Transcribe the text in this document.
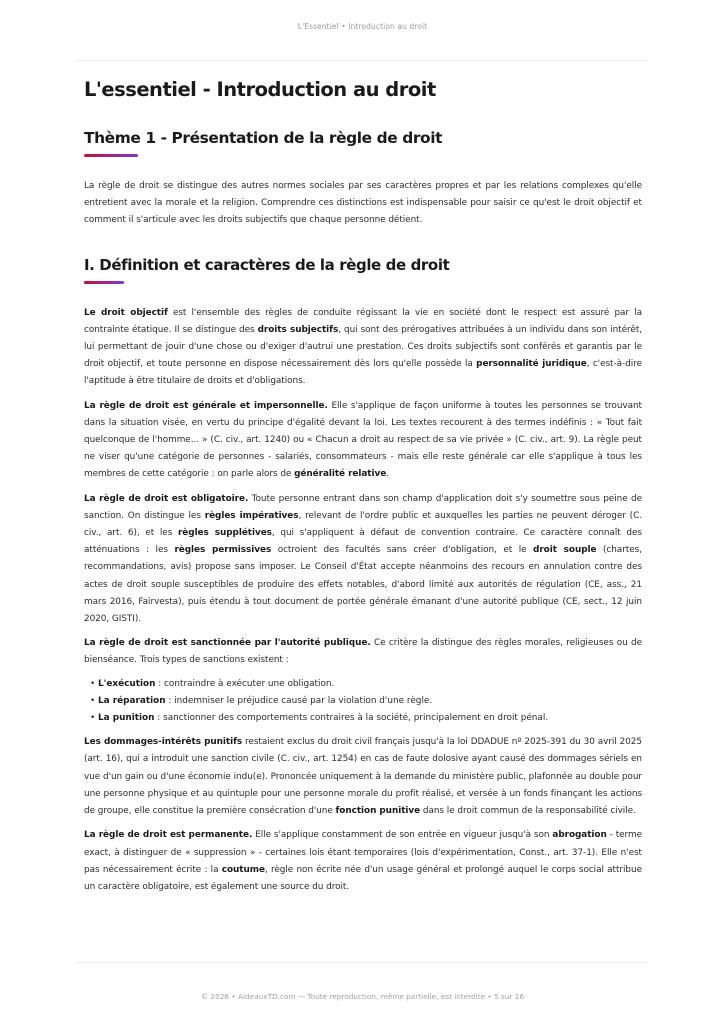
L'Essentiel • Introduction au droit
L'essentiel - Introduction au droit
Thème 1 - Présentation de la règle de droit

La règle de droit se distingue des autres normes sociales par ses caractères propres et par les relations complexes qu'elle entretient avec la morale et la religion. Comprendre ces distinctions est indispensable pour saisir ce qu'est le droit objectif et comment il s'articule avec les droits subjectifs que chaque personne détient.

I. Définition et caractères de la règle de droit

Le droit objectif est l'ensemble des règles de conduite régissant la vie en société dont le respect est assuré par la contrainte étatique. Il se distingue des droits subjectifs, qui sont des prérogatives attribuées à un individu dans son intérêt, lui permettant de jouir d'une chose ou d'exiger d'autrui une prestation. Ces droits subjectifs sont conférés et garantis par le droit objectif, et toute personne en dispose nécessairement dès lors qu'elle possède la personnalité juridique, c'est-à-dire l'aptitude à être titulaire de droits et d'obligations.

La règle de droit est générale et impersonnelle. Elle s'applique de façon uniforme à toutes les personnes se trouvant dans la situation visée, en vertu du principe d'égalité devant la loi. Les textes recourent à des termes indéfinis : « Tout fait quelconque de l'homme... » (C. civ., art. 1240) ou « Chacun a droit au respect de sa vie privée » (C. civ., art. 9). La règle peut ne viser qu'une catégorie de personnes - salariés, consommateurs - mais elle reste générale car elle s'applique à tous les membres de cette catégorie : on parle alors de généralité relative.

La règle de droit est obligatoire. Toute personne entrant dans son champ d'application doit s'y soumettre sous peine de sanction. On distingue les règles impératives, relevant de l'ordre public et auxquelles les parties ne peuvent déroger (C. civ., art. 6), et les règles supplétives, qui s'appliquent à défaut de convention contraire. Ce caractère connaît des atténuations : les règles permissives octroient des facultés sans créer d'obligation, et le droit souple (chartes, recommandations, avis) propose sans imposer. Le Conseil d'État accepte néanmoins des recours en annulation contre des actes de droit souple susceptibles de produire des effets notables, d'abord limité aux autorités de régulation (CE, ass., 21 mars 2016, Fairvesta), puis étendu à tout document de portée générale émanant d'une autorité publique (CE, sect., 12 juin 2020, GISTI).

La règle de droit est sanctionnée par l'autorité publique. Ce critère la distingue des règles morales, religieuses ou de bienséance. Trois types de sanctions existent :

• L'exécution : contraindre à exécuter une obligation.
• La réparation : indemniser le préjudice causé par la violation d'une règle.
• La punition : sanctionner des comportements contraires à la société, principalement en droit pénal.

Les dommages-intérêts punitifs restaient exclus du droit civil français jusqu'à la loi DDADUE nº 2025-391 du 30 avril 2025 (art. 16), qui a introduit une sanction civile (C. civ., art. 1254) en cas de faute dolosive ayant causé des dommages sériels en vue d'un gain ou d'une économie indu(e). Prononcée uniquement à la demande du ministère public, plafonnée au double pour une personne physique et au quintuple pour une personne morale du profit réalisé, et versée à un fonds finançant les actions de groupe, elle constitue la première consécration d'une fonction punitive dans le droit commun de la responsabilité civile.

La règle de droit est permanente. Elle s'applique constamment de son entrée en vigueur jusqu'à son abrogation - terme exact, à distinguer de « suppression » - certaines lois étant temporaires (lois d'expérimentation, Const., art. 37-1). Elle n'est pas nécessairement écrite : la coutume, règle non écrite née d'un usage général et prolongé auquel le corps social attribue un caractère obligatoire, est également une source du droit.

© 2026 • AideauxTD.com — Toute reproduction, même partielle, est interdite • 5 sur 16
